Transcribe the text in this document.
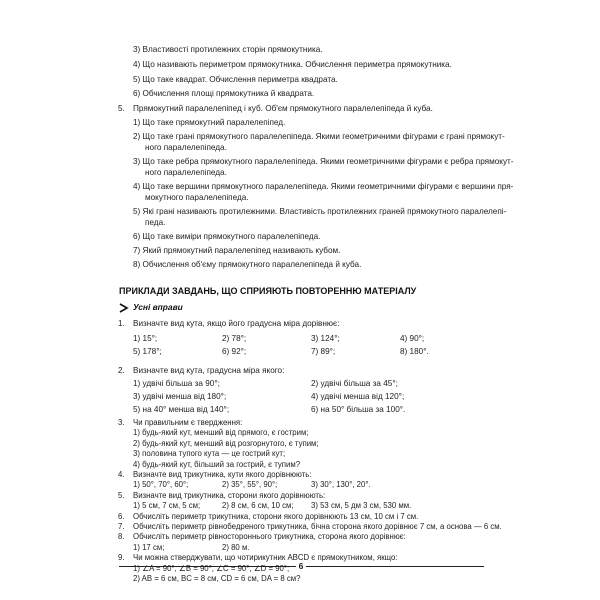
3) Властивості протилежних сторін прямокутника.
4) Що називають периметром прямокутника. Обчислення периметра прямокутника.
5) Що таке квадрат. Обчислення периметра квадрата.
6) Обчислення площі прямокутника й квадрата.
5. Прямокутний паралелепіпед і куб. Об'єм прямокутного паралелепіпеда й куба.
1) Що таке прямокутний паралелепіпед.
2) Що таке грані прямокутного паралелепіпеда. Якими геометричними фігурами є грані прямокут-
ного паралелепіпеда.
3) Що таке ребра прямокутного паралелепіпеда. Якими геометричними фігурами є ребра прямокут-
ного паралелепіпеда.
4) Що таке вершини прямокутного паралелепіпеда. Якими геометричними фігурами є вершини пря-
мокутного паралелепіпеда.
5) Які грані називають протилежними. Властивість протилежних граней прямокутного паралелепі-
педа.
6) Що таке виміри прямокутного паралелепіпеда.
7) Який прямокутний паралелепіпед називають кубом.
8) Обчислення об'єму прямокутного паралелепіпеда й куба.
ПРИКЛАДИ ЗАВДАНЬ, ЩО СПРИЯЮТЬ ПОВТОРЕННЮ МАТЕРІАЛУ
Усні вправи
1. Визначте вид кута, якщо його градусна міра дорівнює:
1) 15°;	2) 78°;	3) 124°;	4) 90°;
5) 178°;	6) 92°;	7) 89°;	8) 180°.
2. Визначте вид кута, градусна міра якого:
1) удвічі більша за 90°;	2) удвічі більша за 45°;
3) удвічі менша від 180°;	4) удвічі менша від 120°;
5) на 40° менша від 140°;	6) на 50° більша за 100°.
6
3. Чи правильним є твердження:
1) будь-який кут, менший від прямого, є гострим;
2) будь-який кут, менший від розгорнутого, є тупим;
3) половина тупого кута — це гострий кут;
4) будь-який кут, більший за гострий, є тупим?
4. Визначте вид трикутника, кути якого дорівнюють:
1) 50°, 70°, 60°;	2) 35°, 55°, 90°;	3) 30°, 130°, 20°.
5. Визначте вид трикутника, сторони якого дорівнюють:
1) 5 см, 7 см, 5 см;	2) 8 см, 6 см, 10 см; 3) 53 см, 5 дм 3 см, 530 мм.
6. Обчисліть периметр трикутника, сторони якого дорівнюють 13 см, 10 см і 7 см.
7. Обчисліть периметр рівнобедреного трикутника, бічна сторона якого дорівнює 7 см, а основа — 6 см.
8. Обчисліть периметр рівностороннього трикутника, сторона якого дорівнює:
1) 17 см;	2) 80 м.
9. Чи можна стверджувати, що чотирикутник ABCD є прямокутником, якщо:
1) ∠A = 90°, ∠B = 90°, ∠C = 90°, ∠D = 90°;
2) AB = 6 см, BC = 8 см, CD = 6 см, DA = 8 см?
